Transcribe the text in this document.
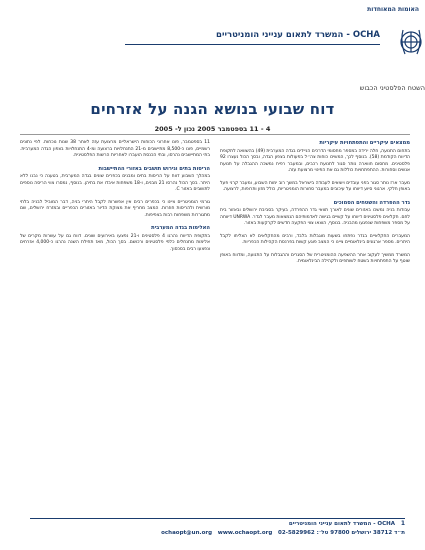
האומות המאוחדות
OCHA - המשרד לתאום ענייני הומניטריים
השטח הפלסטיני הכבוש
דוח שבועי בנושא הגנה על אזרחים
4 - 11 בספטמבר 2005 נכון ל- 2005
ממצאים עיקריים והתפתחויות עיקריות
בתחום התנועה, חלה ירידה במספר מחסומי הדרכים הניידים בגדה המערבית (49) בהשוואה לתקופת הדיווח הקודמת (58). בנוסף לכך, המשיכו כוחות צה״ל בפעולות בצפון הגדה, ובסך הכול נעצרו 92 פלסטינים. מחסום חווארה נותר סגור לתנועת רכבים, ובמעבר רפיח נמשכה ההגבלה על תנועת אנשים וסחורות. ההתפתחויות כוללות גם את הפינוי מרצועת עזה.
מעבר ארז נותר סגור בפני עובדים ויוצאים לעבודה בישראל במשך רוב ימות השבוע, ומעבר קרני פעל באופן חלקי. ארגוני סיוע דיווחו על עיכובים במעבר סחורות הומניטריות, כולל מזון ותרופות, לרצועה.
גדר ההפרדה והשטחים הסמוכים
עבודות בניה נמשכו באזורים שונים לאורך תוואי גדר ההפרדה, בעיקר בסביבת ירושלים ובאזור בית לחם. חקלאים פלסטינים דיווחו על קשיים בגישה לאדמותיהם הנמצאות מעבר לגדר. UNRWA דיווחה על מספר משפחות שנפגעו מהבניה. בנוסף, הוצאו צווי הפקעה חדשים לקרקעות באזור.
המעברים החקלאיים בגדר נפתחו בשעות מוגבלות בלבד, ורבים מהחקלאים לא הצליחו לקבל היתרים. מספר ארגונים בינלאומיים ציינו כי המצב פוגע קשות בפרנסת הקהילות הכפריות.
המשרד ממשיך לעקוב אחר ההשפעה ההומניטרית של הסגרים וההגבלות על התנועה, ומדווח באופן שוטף על התפתחויות בשטח לשותפים ולקהילה הבינלאומית.
11 בספטמבר, פונו אחרוני הכוחות הישראליים מרצועת עזה לאחר 38 שנות נוכחות. לפי נתונים רשמיים, פונו כ-8,500 מתיישבים מ-21 התנחלויות ברצועה ומ-4 התנחלויות בצפון הגדה המערבית. בתי המתיישבים נהרסו, ובתי הכנסת הועברו לאחריות הרשות הפלסטינית.
הריסות בתים וגירוש תושבים באזורי ההתיישבות
במהלך השבוע דווח על הריסות בתים ומבנים בכפרים שונים בגדה המערבית, בטענה כי נבנו ללא היתר. בסך הכול נהרסו 21 מבנים, ו-18 משפחות איבדו את בתיהן. בנוסף, נמסרו צווי הריסה נוספים לתושבים באזור C.
גורמי הומניטריים ציינו כי בכפרים רבים אין אפשרות לקבל היתרי בניה, דבר המוביל לבניה בלתי מורשית ולהריסות חוזרות. המצב מחריף את מצוקת הדיור באזורים הכפריים ובמזרח ירושלים, שם מתגוררות משפחות רבות בצפיפות.
האלימות בגדה המערבית
בתקופת הדיווח נהרגו 4 פלסטינים ו-21 נפצעו באירועים שונים. דווח גם על עשרות מקרים של אלימות מתנחלים כלפי פלסטינים ורכושם. בסך הכול, מאז תחילת השנה נהרגו כ-4,000 אזרחים ונפצעו רבים בסכסוך.
1
OCHA - המשרד לתאום ענייני הומניטריים
ת״ד 38712 ירושלים 97800 טל׳: 02-5829962   ochaopt@un.org www.ochaopt.org
